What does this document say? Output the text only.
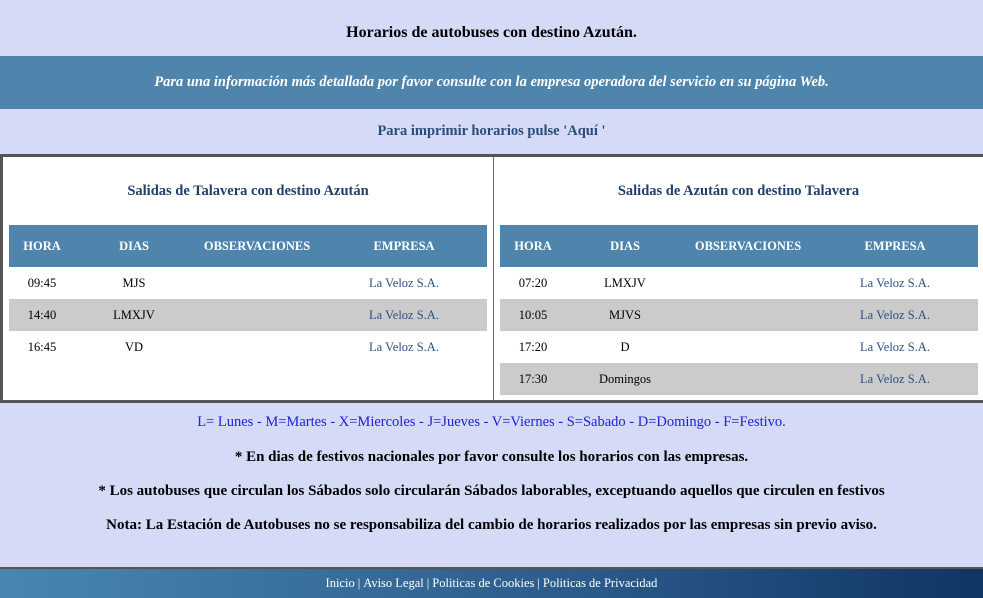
Horarios de autobuses con destino Azután.
Para una información más detallada por favor consulte con la empresa operadora del servicio en su página Web.
Para imprimir horarios pulse 'Aquí '
Salidas de Talavera con destino Azután
HORA	DIAS	OBSERVACIONES	EMPRESA
09:45	MJS		La Veloz S.A.
14:40	LMXJV		La Veloz S.A.
16:45	VD		La Veloz S.A.
Salidas de Azután con destino Talavera
HORA	DIAS	OBSERVACIONES	EMPRESA
07:20	LMXJV		La Veloz S.A.
10:05	MJVS		La Veloz S.A.
17:20	D		La Veloz S.A.
17:30	Domingos		La Veloz S.A.
L= Lunes - M=Martes - X=Miercoles - J=Jueves - V=Viernes - S=Sabado - D=Domingo - F=Festivo.
* En dias de festivos nacionales por favor consulte los horarios con las empresas.
* Los autobuses que circulan los Sábados solo circularán Sábados laborables, exceptuando aquellos que circulen en festivos
Nota: La Estación de Autobuses no se responsabiliza del cambio de horarios realizados por las empresas sin previo aviso.
Inicio | Aviso Legal | Politicas de Cookies | Politicas de Privacidad
